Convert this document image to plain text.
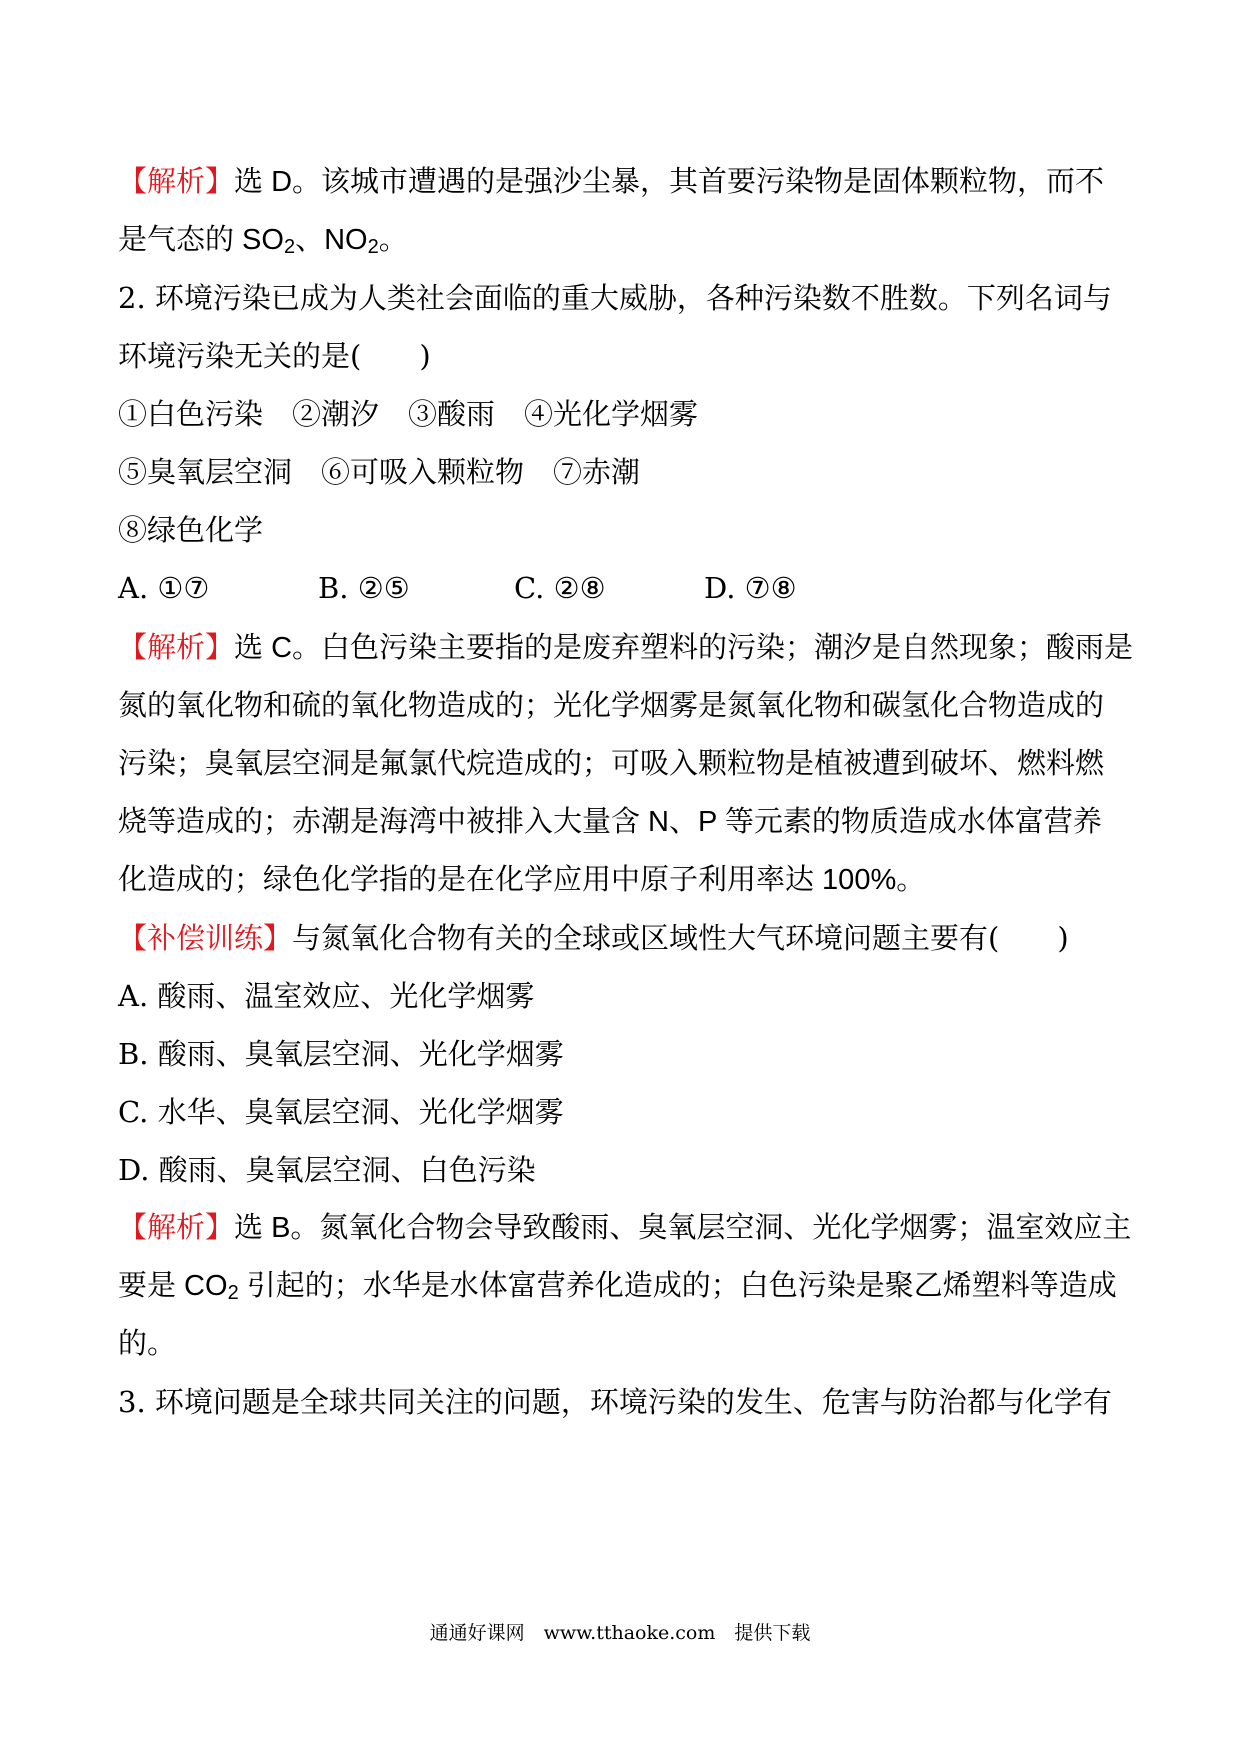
【解析】选 D。该城市遭遇的是强沙尘暴，其首要污染物是固体颗粒物，而不
是气态的 $SO_2$、$NO_2$。
2. 环境污染已成为人类社会面临的重大威胁，各种污染数不胜数。下列名词与
环境污染无关的是(　　)
①白色污染　②潮汐　③酸雨　④光化学烟雾
⑤臭氧层空洞　⑥可吸入颗粒物　⑦赤潮
⑧绿色化学
A. ①⑦	B. ②⑤	C. ②⑧	D. ⑦⑧
【解析】选 C。白色污染主要指的是废弃塑料的污染；潮汐是自然现象；酸雨是
氮的氧化物和硫的氧化物造成的；光化学烟雾是氮氧化物和碳氢化合物造成的
污染；臭氧层空洞是氟氯代烷造成的；可吸入颗粒物是植被遭到破坏、燃料燃
烧等造成的；赤潮是海湾中被排入大量含 N、P 等元素的物质造成水体富营养
化造成的；绿色化学指的是在化学应用中原子利用率达 100%。
【补偿训练】与氮氧化合物有关的全球或区域性大气环境问题主要有(　　)
A. 酸雨、温室效应、光化学烟雾
B. 酸雨、臭氧层空洞、光化学烟雾
C. 水华、臭氧层空洞、光化学烟雾
D. 酸雨、臭氧层空洞、白色污染
【解析】选 B。氮氧化合物会导致酸雨、臭氧层空洞、光化学烟雾；温室效应主
要是 $CO_2$ 引起的；水华是水体富营养化造成的；白色污染是聚乙烯塑料等造成
的。
3. 环境问题是全球共同关注的问题，环境污染的发生、危害与防治都与化学有
通通好课网　www.tthaoke.com　提供下载
